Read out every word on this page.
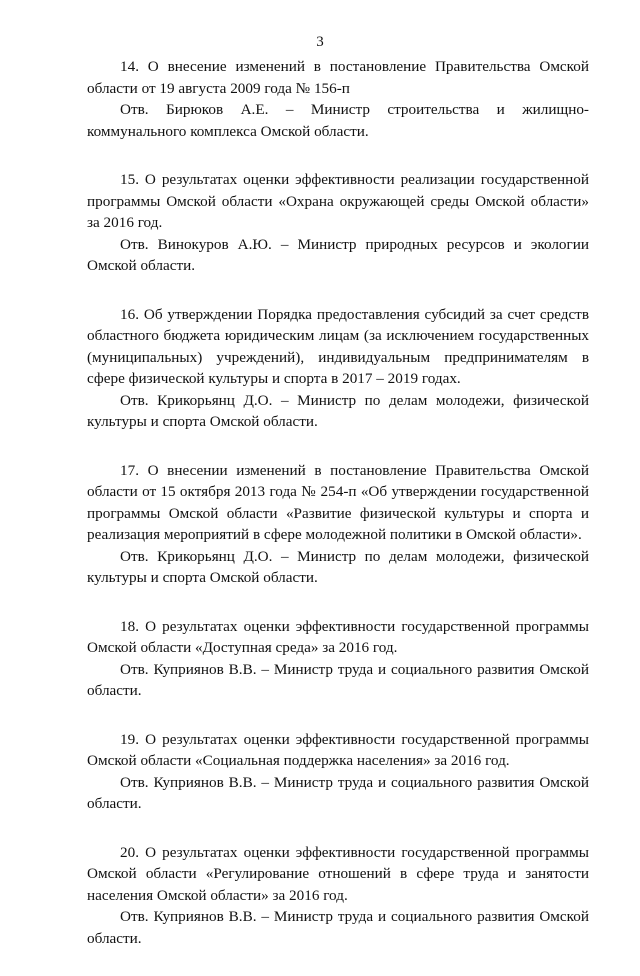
3

14. О внесение изменений в постановление Правительства Омской области от 19 августа 2009 года № 156-п

Отв. Бирюков А.Е. – Министр строительства и жилищно-коммунального комплекса Омской области.

15. О результатах оценки эффективности реализации государственной программы Омской области «Охрана окружающей среды Омской области» за 2016 год.

Отв. Винокуров А.Ю. – Министр природных ресурсов и экологии Омской области.

16. Об утверждении Порядка предоставления субсидий за счет средств областного бюджета юридическим лицам (за исключением государственных (муниципальных) учреждений), индивидуальным предпринимателям в сфере физической культуры и спорта в 2017 – 2019 годах.

Отв. Крикорьянц Д.О. – Министр по делам молодежи, физической культуры и спорта Омской области.

17. О внесении изменений в постановление Правительства Омской области от 15 октября 2013 года № 254-п «Об утверждении государственной программы Омской области «Развитие физической культуры и спорта и реализация мероприятий в сфере молодежной политики в Омской области».

Отв. Крикорьянц Д.О. – Министр по делам молодежи, физической культуры и спорта Омской области.

18. О результатах оценки эффективности государственной программы Омской области «Доступная среда» за 2016 год.

Отв. Куприянов В.В. – Министр труда и социального развития Омской области.

19. О результатах оценки эффективности государственной программы Омской области «Социальная поддержка населения» за 2016 год.

Отв. Куприянов В.В. – Министр труда и социального развития Омской области.

20. О результатах оценки эффективности государственной программы Омской области «Регулирование отношений в сфере труда и занятости населения Омской области» за 2016 год.

Отв. Куприянов В.В. – Министр труда и социального развития Омской области.
